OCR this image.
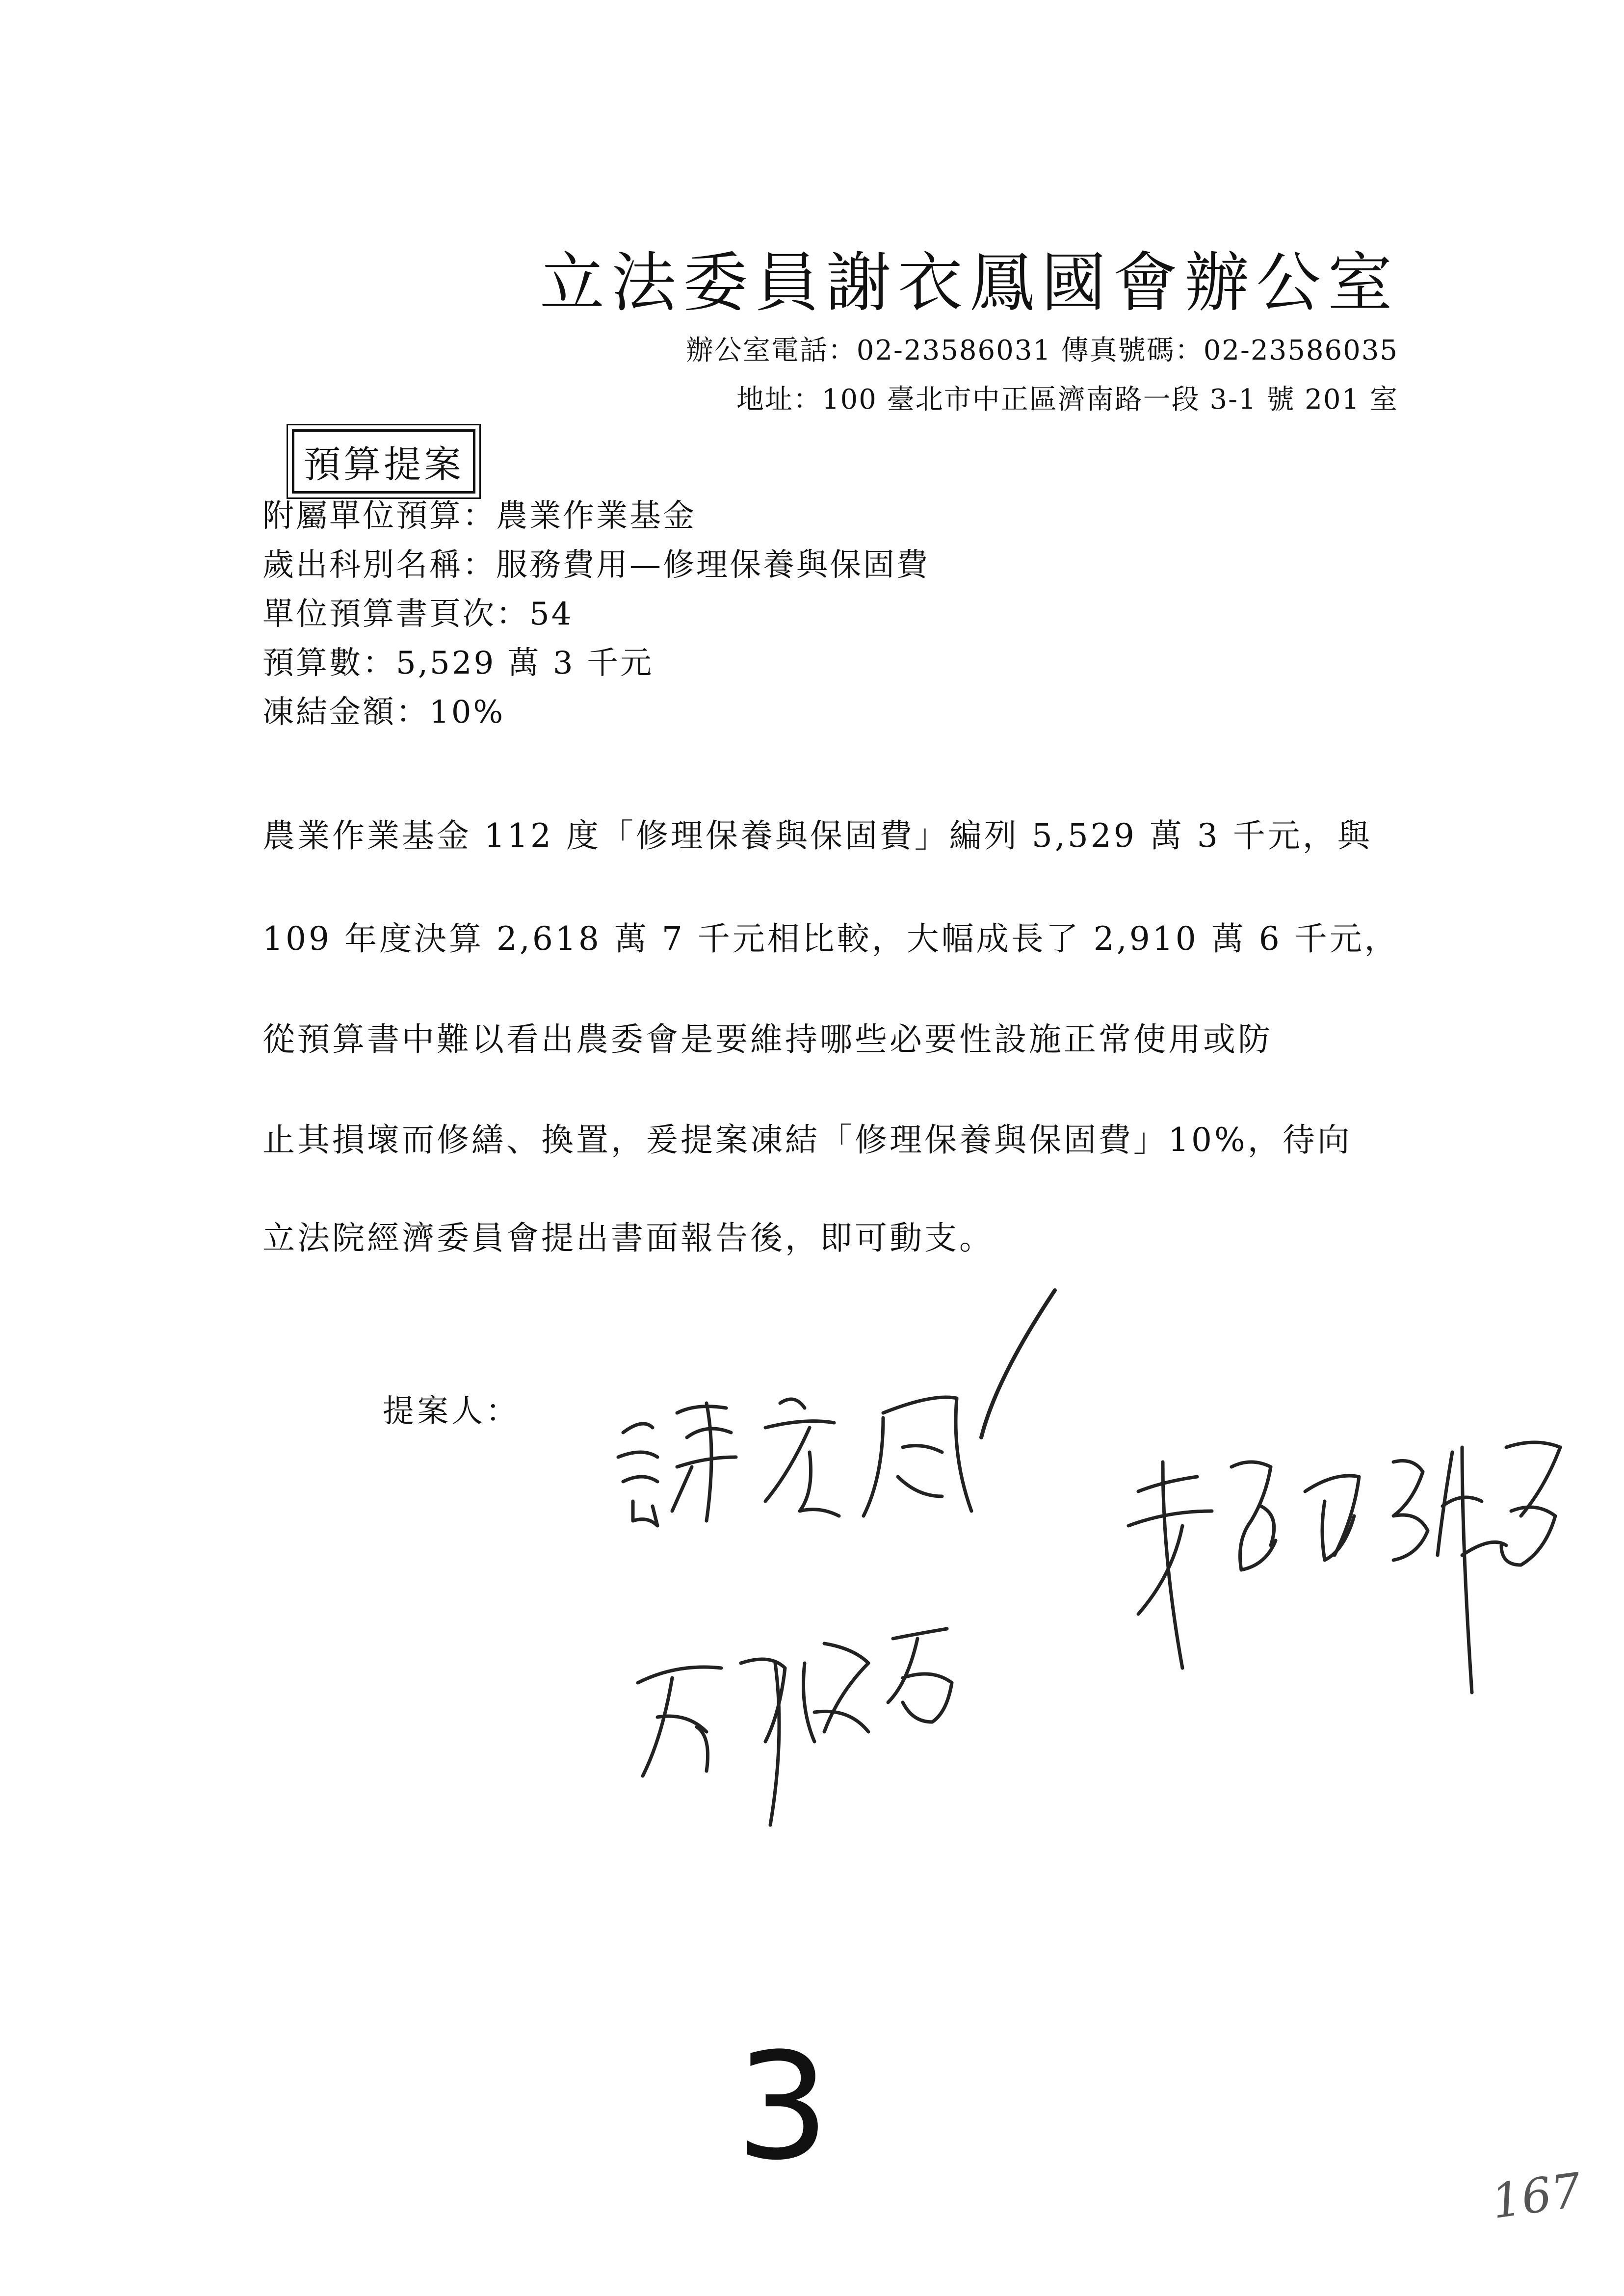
立法委員謝衣鳳國會辦公室
辦公室電話：02-23586031 傳真號碼：02-23586035
地址：100 臺北市中正區濟南路一段 3-1 號 201 室
預算提案
附屬單位預算：農業作業基金
歲出科別名稱：服務費用—修理保養與保固費
單位預算書頁次：54
預算數：5,529 萬 3 千元
凍結金額：10%
農業作業基金 112 度「修理保養與保固費」編列 5,529 萬 3 千元，與
109 年度決算 2,618 萬 7 千元相比較，大幅成長了 2,910 萬 6 千元，
從預算書中難以看出農委會是要維持哪些必要性設施正常使用或防
止其損壞而修繕、換置，爰提案凍結「修理保養與保固費」10%，待向
立法院經濟委員會提出書面報告後，即可動支。
提案人：
3
167
